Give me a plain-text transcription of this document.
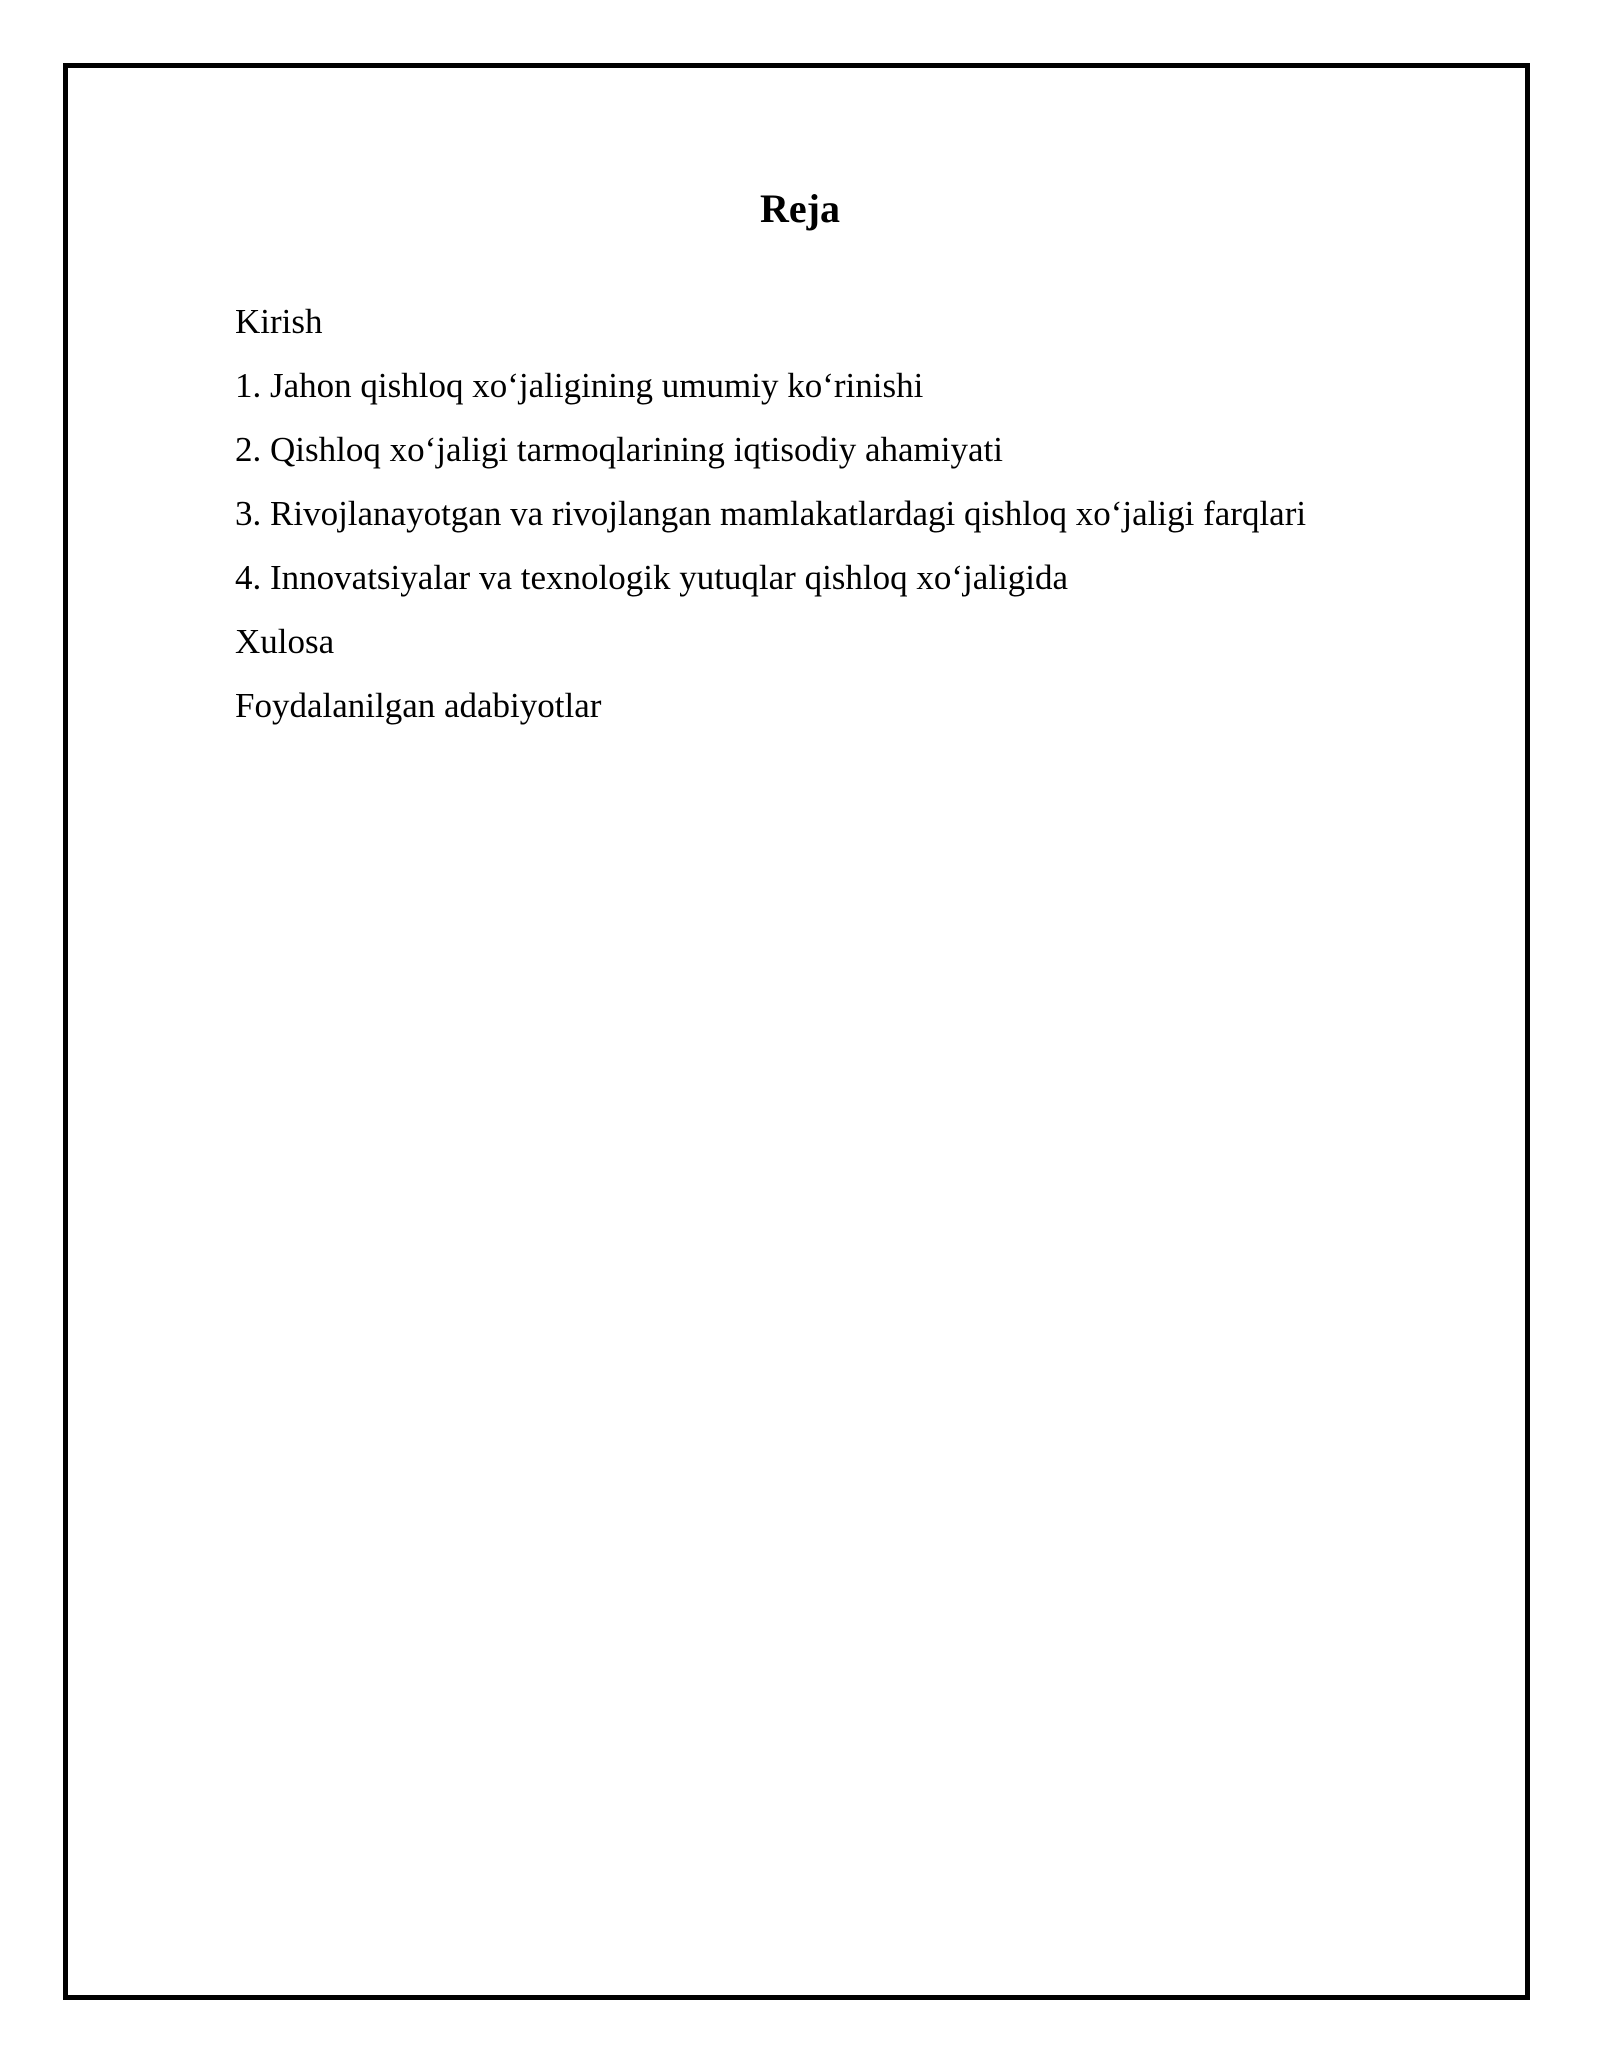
Reja
Kirish
1. Jahon qishloq xo‘jaligining umumiy ko‘rinishi
2. Qishloq xo‘jaligi tarmoqlarining iqtisodiy ahamiyati
3. Rivojlanayotgan va rivojlangan mamlakatlardagi qishloq xo‘jaligi farqlari
4. Innovatsiyalar va texnologik yutuqlar qishloq xo‘jaligida
Xulosa
Foydalanilgan adabiyotlar
